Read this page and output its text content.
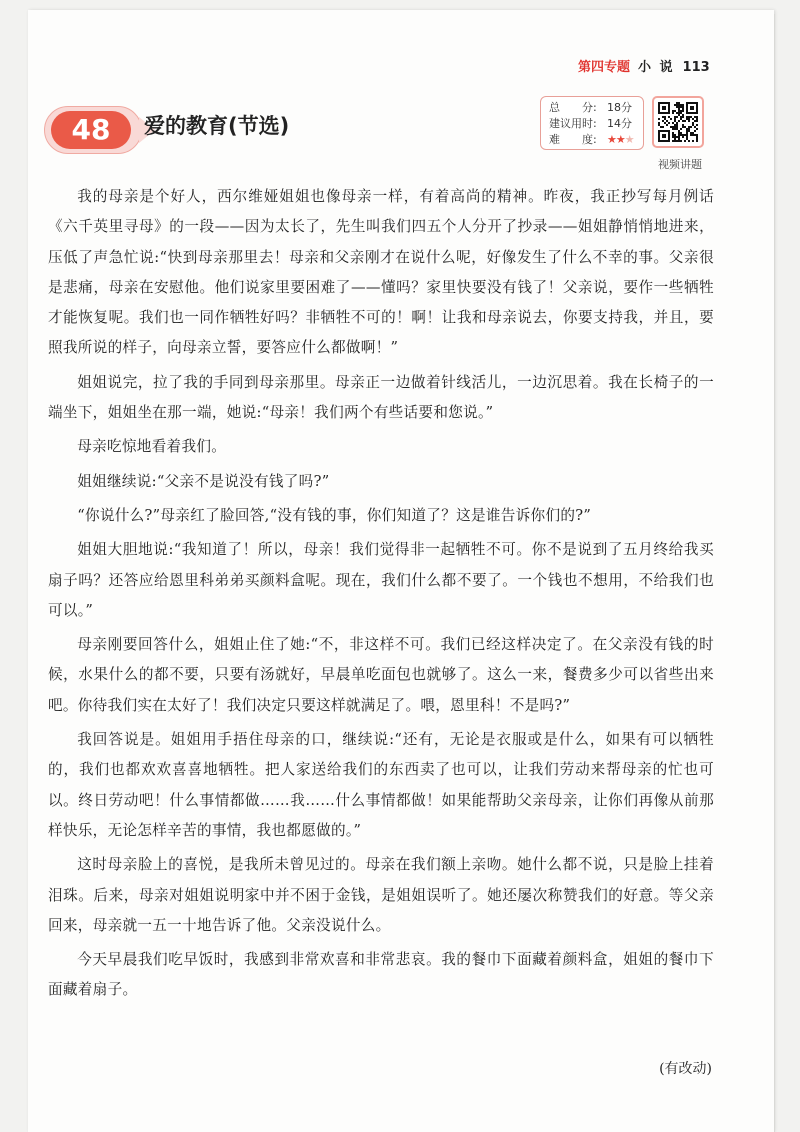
第四专题 小 说 113
48	爱的教育(节选)
总　　分: 18分
建议用时: 14分
难　　度: ★★★
视频讲题

我的母亲是个好人，西尔维娅姐姐也像母亲一样，有着高尚的精神。昨夜，我正抄写每月例话《六千英里寻母》的一段——因为太长了，先生叫我们四五个人分开了抄录——姐姐静悄悄地进来，压低了声急忙说:“快到母亲那里去！母亲和父亲刚才在说什么呢，好像发生了什么不幸的事。父亲很是悲痛，母亲在安慰他。他们说家里要困难了——懂吗？家里快要没有钱了！父亲说，要作一些牺牲才能恢复呢。我们也一同作牺牲好吗？非牺牲不可的！啊！让我和母亲说去，你要支持我，并且，要照我所说的样子，向母亲立誓，要答应什么都做啊！”

姐姐说完，拉了我的手同到母亲那里。母亲正一边做着针线活儿，一边沉思着。我在长椅子的一端坐下，姐姐坐在那一端，她说:“母亲！我们两个有些话要和您说。”

母亲吃惊地看着我们。

姐姐继续说:“父亲不是说没有钱了吗?”

“你说什么?”母亲红了脸回答,“没有钱的事，你们知道了？这是谁告诉你们的?”

姐姐大胆地说:“我知道了！所以，母亲！我们觉得非一起牺牲不可。你不是说到了五月终给我买扇子吗？还答应给恩里科弟弟买颜料盒呢。现在，我们什么都不要了。一个钱也不想用，不给我们也可以。”

母亲刚要回答什么，姐姐止住了她:“不，非这样不可。我们已经这样决定了。在父亲没有钱的时候，水果什么的都不要，只要有汤就好，早晨单吃面包也就够了。这么一来，餐费多少可以省些出来吧。你待我们实在太好了！我们决定只要这样就满足了。喂，恩里科！不是吗?”

我回答说是。姐姐用手捂住母亲的口，继续说:“还有，无论是衣服或是什么，如果有可以牺牲的，我们也都欢欢喜喜地牺牲。把人家送给我们的东西卖了也可以，让我们劳动来帮母亲的忙也可以。终日劳动吧！什么事情都做……我……什么事情都做！如果能帮助父亲母亲，让你们再像从前那样快乐，无论怎样辛苦的事情，我也都愿做的。”

这时母亲脸上的喜悦，是我所未曾见过的。母亲在我们额上亲吻。她什么都不说，只是脸上挂着泪珠。后来，母亲对姐姐说明家中并不困于金钱，是姐姐误听了。她还屡次称赞我们的好意。等父亲回来，母亲就一五一十地告诉了他。父亲没说什么。

今天早晨我们吃早饭时，我感到非常欢喜和非常悲哀。我的餐巾下面藏着颜料盒，姐姐的餐巾下面藏着扇子。

(有改动)
